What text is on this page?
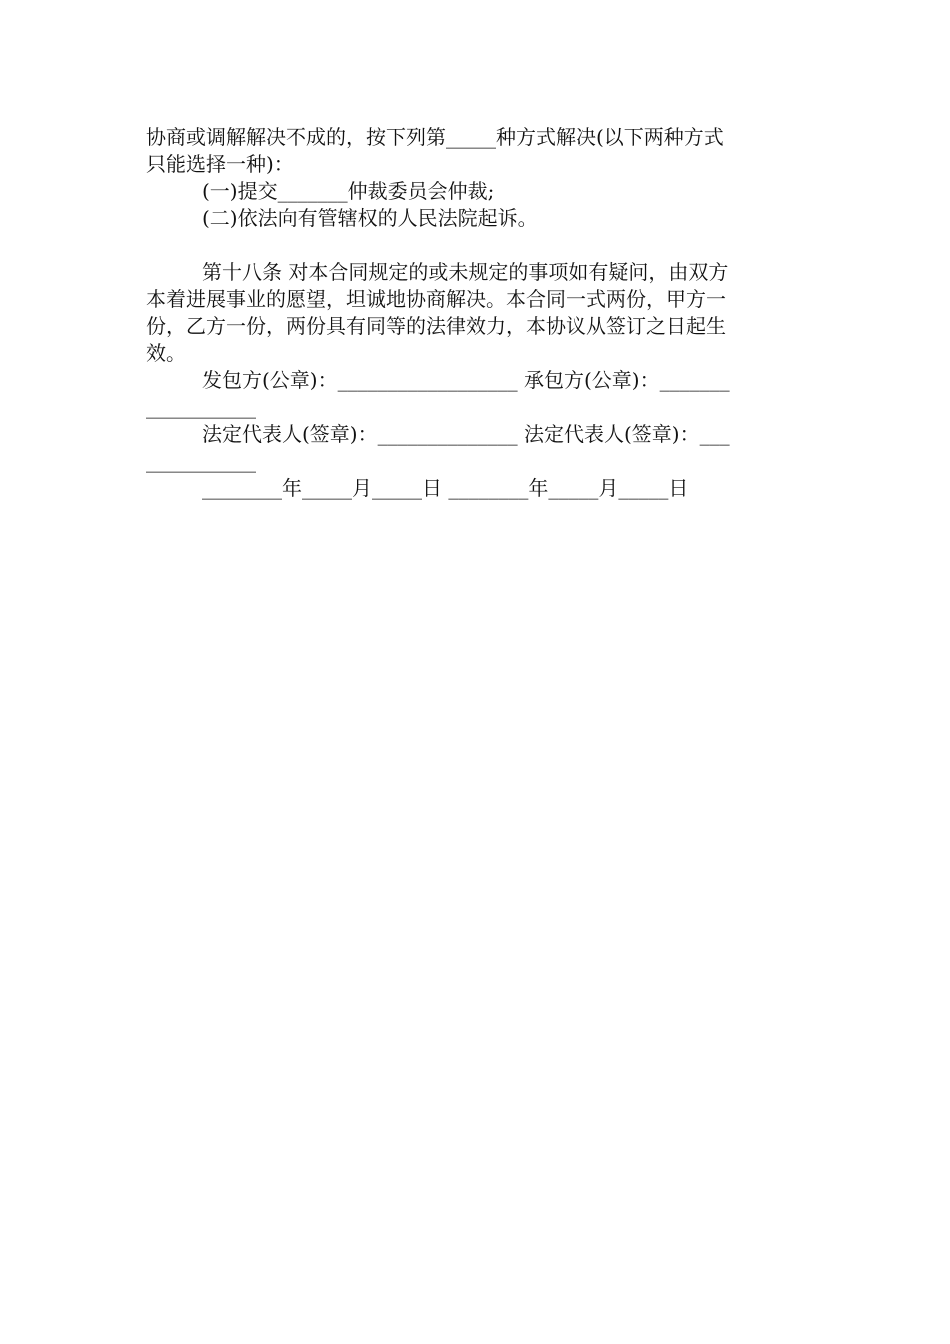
协商或调解解决不成的，按下列第_____种方式解决(以下两种方式
只能选择一种)：
(一)提交_______仲裁委员会仲裁;
(二)依法向有管辖权的人民法院起诉。
第十八条 对本合同规定的或未规定的事项如有疑问，由双方
本着进展事业的愿望，坦诚地协商解决。本合同一式两份，甲方一
份，乙方一份，两份具有同等的法律效力，本协议从签订之日起生
效。
发包方(公章)：__________________ 承包方(公章)：_______
___________
法定代表人(签章)：______________ 法定代表人(签章)：___
___________
________年_____月_____日 ________年_____月_____日
